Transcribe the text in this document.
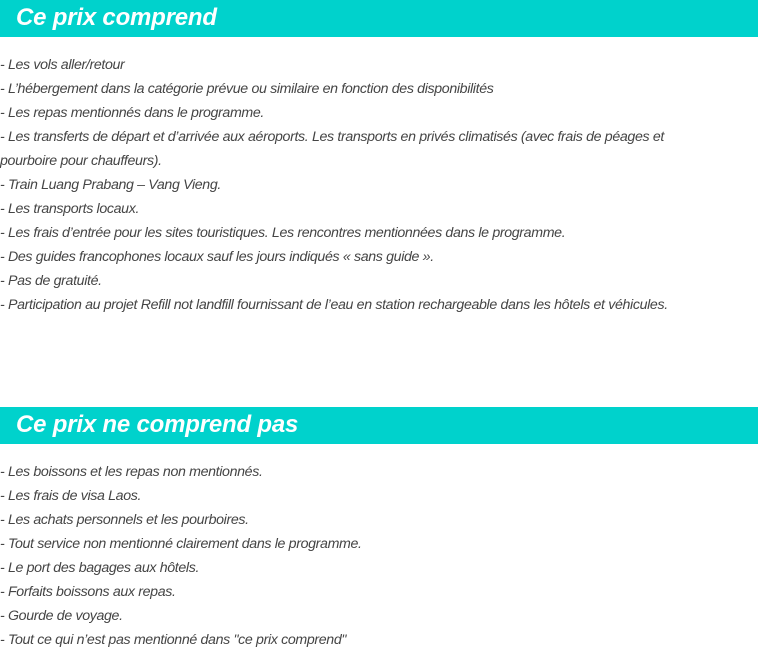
Ce prix comprend
- Les vols aller/retour
- L’hébergement dans la catégorie prévue ou similaire en fonction des disponibilités
- Les repas mentionnés dans le programme.
- Les transferts de départ et d’arrivée aux aéroports. Les transports en privés climatisés (avec frais de péages et pourboire pour chauffeurs).
- Train Luang Prabang – Vang Vieng.
- Les transports locaux.
- Les frais d’entrée pour les sites touristiques. Les rencontres mentionnées dans le programme.
- Des guides francophones locaux sauf les jours indiqués « sans guide ».
- Pas de gratuité.
- Participation au projet Refill not landfill fournissant de l’eau en station rechargeable dans les hôtels et véhicules.
Ce prix ne comprend pas
- Les boissons et les repas non mentionnés.
- Les frais de visa Laos.
- Les achats personnels et les pourboires.
- Tout service non mentionné clairement dans le programme.
- Le port des bagages aux hôtels.
- Forfaits boissons aux repas.
- Gourde de voyage.
- Tout ce qui n’est pas mentionné dans "ce prix comprend"
